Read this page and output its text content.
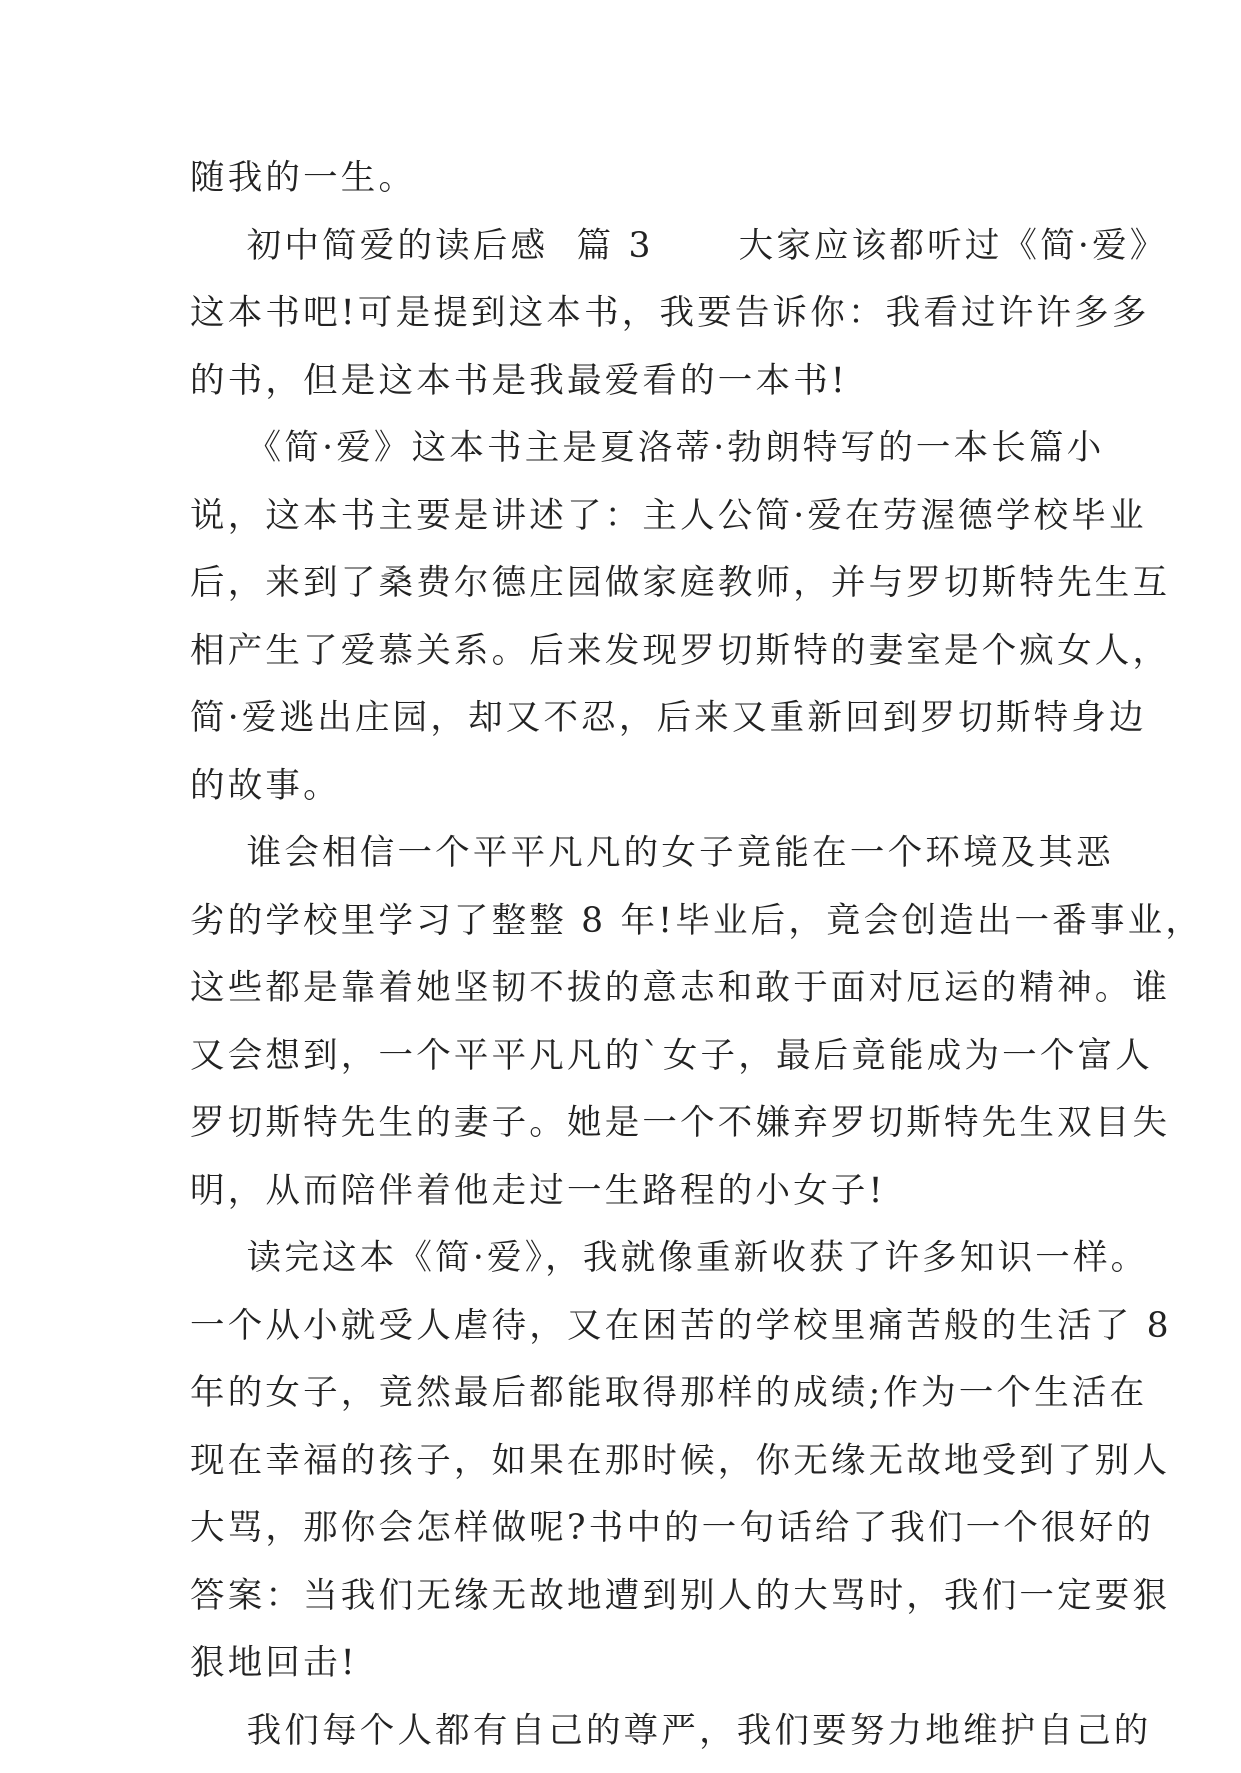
随我的一生。
初中简爱的读后感  篇 3      大家应该都听过《简·爱》
这本书吧!可是提到这本书，我要告诉你：我看过许许多多
的书，但是这本书是我最爱看的一本书!
《简·爱》这本书主是夏洛蒂·勃朗特写的一本长篇小
说，这本书主要是讲述了：主人公简·爱在劳渥德学校毕业
后，来到了桑费尔德庄园做家庭教师，并与罗切斯特先生互
相产生了爱慕关系。后来发现罗切斯特的妻室是个疯女人，
简·爱逃出庄园，却又不忍，后来又重新回到罗切斯特身边
的故事。
谁会相信一个平平凡凡的女子竟能在一个环境及其恶
劣的学校里学习了整整 8 年!毕业后，竟会创造出一番事业，
这些都是靠着她坚韧不拔的意志和敢于面对厄运的精神。谁
又会想到，一个平平凡凡的`女子，最后竟能成为一个富人
罗切斯特先生的妻子。她是一个不嫌弃罗切斯特先生双目失
明，从而陪伴着他走过一生路程的小女子!
读完这本《简·爱》，我就像重新收获了许多知识一样。
一个从小就受人虐待，又在困苦的学校里痛苦般的生活了 8
年的女子，竟然最后都能取得那样的成绩;作为一个生活在
现在幸福的孩子，如果在那时候，你无缘无故地受到了别人
大骂，那你会怎样做呢?书中的一句话给了我们一个很好的
答案：当我们无缘无故地遭到别人的大骂时，我们一定要狠
狠地回击!
我们每个人都有自己的尊严，我们要努力地维护自己的
